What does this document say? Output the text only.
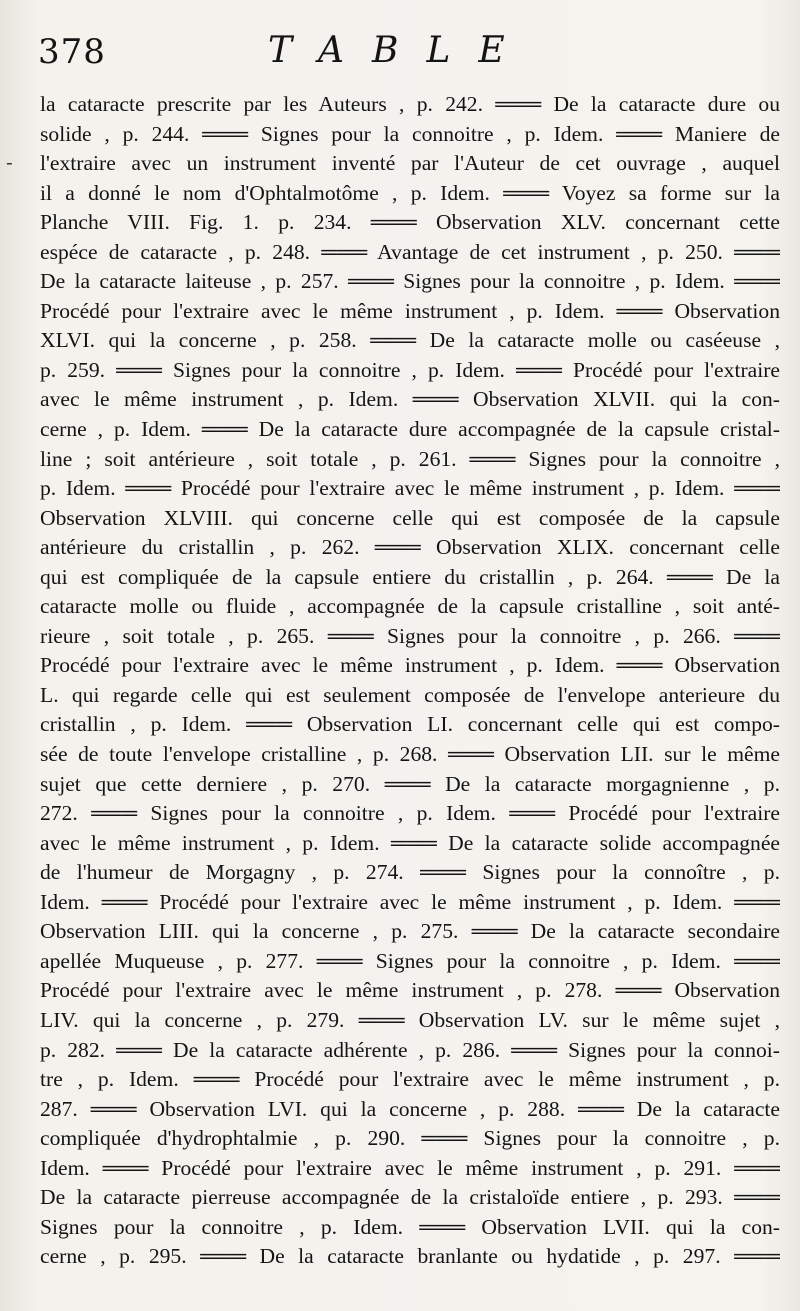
378	TABLE
-
la cataracte prescrite par les Auteurs , p. 242. ═══ De la cataracte dure ou
solide , p. 244. ═══ Signes pour la connoitre , p. Idem. ═══ Maniere de
l'extraire avec un instrument inventé par l'Auteur de cet ouvrage , auquel
il a donné le nom d'Ophtalmotôme , p. Idem. ═══ Voyez sa forme sur la
Planche VIII. Fig. 1. p. 234. ═══ Observation XLV. concernant cette
espéce de cataracte , p. 248. ═══ Avantage de cet instrument , p. 250. ═══
De la cataracte laiteuse , p. 257. ═══ Signes pour la connoitre , p. Idem. ═══
Procédé pour l'extraire avec le même instrument , p. Idem. ═══ Observation
XLVI. qui la concerne , p. 258. ═══ De la cataracte molle ou caséeuse ,
p. 259. ═══ Signes pour la connoitre , p. Idem. ═══ Procédé pour l'extraire
avec le même instrument , p. Idem. ═══ Observation XLVII. qui la con-
cerne , p. Idem. ═══ De la cataracte dure accompagnée de la capsule cristal-
line ; soit antérieure , soit totale , p. 261. ═══ Signes pour la connoitre ,
p. Idem. ═══ Procédé pour l'extraire avec le même instrument , p. Idem. ═══
Observation XLVIII. qui concerne celle qui est composée de la capsule
antérieure du cristallin , p. 262. ═══ Observation XLIX. concernant celle
qui est compliquée de la capsule entiere du cristallin , p. 264. ═══ De la
cataracte molle ou fluide , accompagnée de la capsule cristalline , soit anté-
rieure , soit totale , p. 265. ═══ Signes pour la connoitre , p. 266. ═══
Procédé pour l'extraire avec le même instrument , p. Idem. ═══ Observation
L. qui regarde celle qui est seulement composée de l'envelope anterieure du
cristallin , p. Idem. ═══ Observation LI. concernant celle qui est compo-
sée de toute l'envelope cristalline , p. 268. ═══ Observation LII. sur le même
sujet que cette derniere , p. 270. ═══ De la cataracte morgagnienne , p.
272. ═══ Signes pour la connoitre , p. Idem. ═══ Procédé pour l'extraire
avec le même instrument , p. Idem. ═══ De la cataracte solide accompagnée
de l'humeur de Morgagny , p. 274. ═══ Signes pour la connoître , p.
Idem. ═══ Procédé pour l'extraire avec le même instrument , p. Idem. ═══
Observation LIII. qui la concerne , p. 275. ═══ De la cataracte secondaire
apellée Muqueuse , p. 277. ═══ Signes pour la connoitre , p. Idem. ═══
Procédé pour l'extraire avec le même instrument , p. 278. ═══ Observation
LIV. qui la concerne , p. 279. ═══ Observation LV. sur le même sujet ,
p. 282. ═══ De la cataracte adhérente , p. 286. ═══ Signes pour la connoi-
tre , p. Idem. ═══ Procédé pour l'extraire avec le même instrument , p.
287. ═══ Observation LVI. qui la concerne , p. 288. ═══ De la cataracte
compliquée d'hydrophtalmie , p. 290. ═══ Signes pour la connoitre , p.
Idem. ═══ Procédé pour l'extraire avec le même instrument , p. 291. ═══
De la cataracte pierreuse accompagnée de la cristaloïde entiere , p. 293. ═══
Signes pour la connoitre , p. Idem. ═══ Observation LVII. qui la con-
cerne , p. 295. ═══ De la cataracte branlante ou hydatide , p. 297. ═══
